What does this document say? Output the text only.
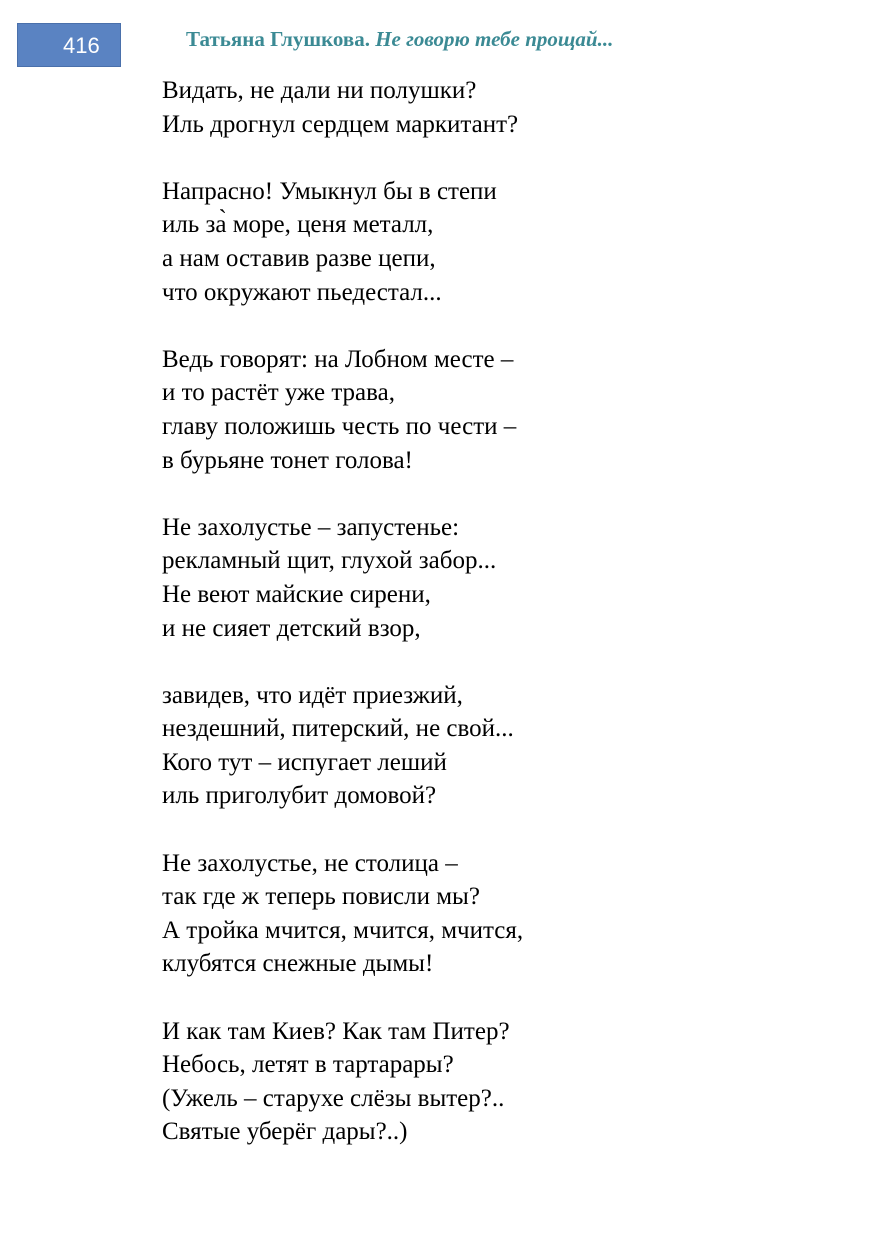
416	Татьяна Глушкова. Не говорю тебе прощай...
Видать, не дали ни полушки?
Иль дрогнул сердцем маркитант?
Напрасно! Умыкнул бы в степи
иль за̀ море, ценя металл,
а нам оставив разве цепи,
что окружают пьедестал...
Ведь говорят: на Лобном месте –
и то растёт уже трава,
главу положишь честь по чести –
в бурьяне тонет голова!
Не захолустье – запустенье:
рекламный щит, глухой забор...
Не веют майские сирени,
и не сияет детский взор,
завидев, что идёт приезжий,
нездешний, питерский, не свой...
Кого тут – испугает леший
иль приголубит домовой?
Не захолустье, не столица –
так где ж теперь повисли мы?
А тройка мчится, мчится, мчится,
клубятся снежные дымы!
И как там Киев? Как там Питер?
Небось, летят в тартарары?
(Ужель – старухе слёзы вытер?..
Святые уберёг дары?..)
